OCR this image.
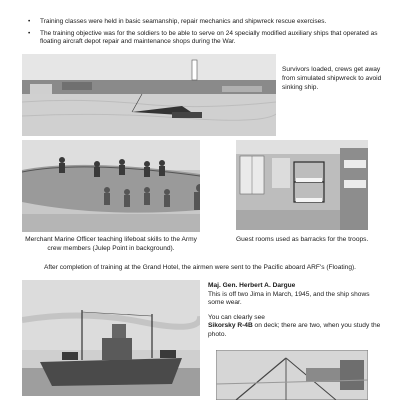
• Training classes were held in basic seamanship, repair mechanics and shipwreck rescue exercises.
• The training objective was for the soldiers to be able to serve on 24 specially modified auxiliary ships that operated as floating aircraft depot repair and maintenance shops during the War.
Survivors loaded, crews get away from simulated shipwreck to avoid sinking ship.
Merchant Marine Officer teaching lifeboat skills to the Army crew members (Julep Point in background).
Guest rooms used as barracks for the troops.
After completion of training at the Grand Hotel, the airmen were sent to the Pacific aboard ARF's (Floating).

Maj. Gen. Herbert A. Dargue

This is off two Jima in March, 1945, and the ship shows some wear.

You can clearly see

Sikorsky R-4B on deck; there are two, when you study the photo.
